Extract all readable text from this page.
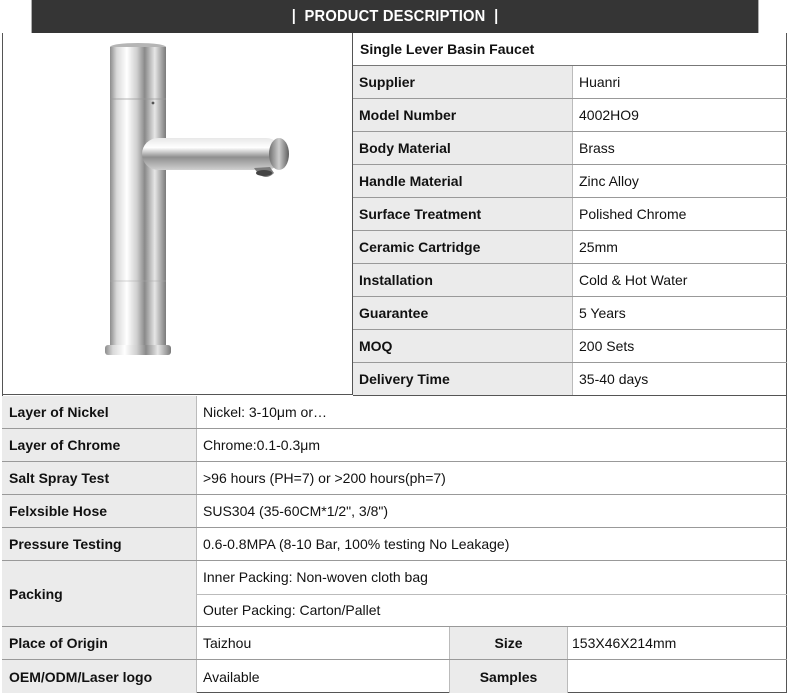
PRODUCT DESCRIPTION
Single Lever Basin Faucet
Supplier	Huanri
Model Number	4002HO9
Body Material	Brass
Handle Material	Zinc Alloy
Surface Treatment	Polished Chrome
Ceramic Cartridge	25mm
Installation	Cold & Hot Water
Guarantee	5 Years
MOQ	200 Sets
Delivery Time	35-40 days
Layer of Nickel	Nickel: 3-10μm or…
Layer of Chrome	Chrome:0.1-0.3μm
Salt Spray Test	>96 hours (PH=7) or >200 hours(ph=7)
Felxsible Hose	SUS304 (35-60CM*1/2", 3/8")
Pressure Testing	0.6-0.8MPA (8-10 Bar, 100% testing No Leakage)
Packing
Inner Packing: Non-woven cloth bag
Outer Packing: Carton/Pallet
Place of Origin	Taizhou	Size	153X46X214mm
OEM/ODM/Laser logo	Available	Samples
